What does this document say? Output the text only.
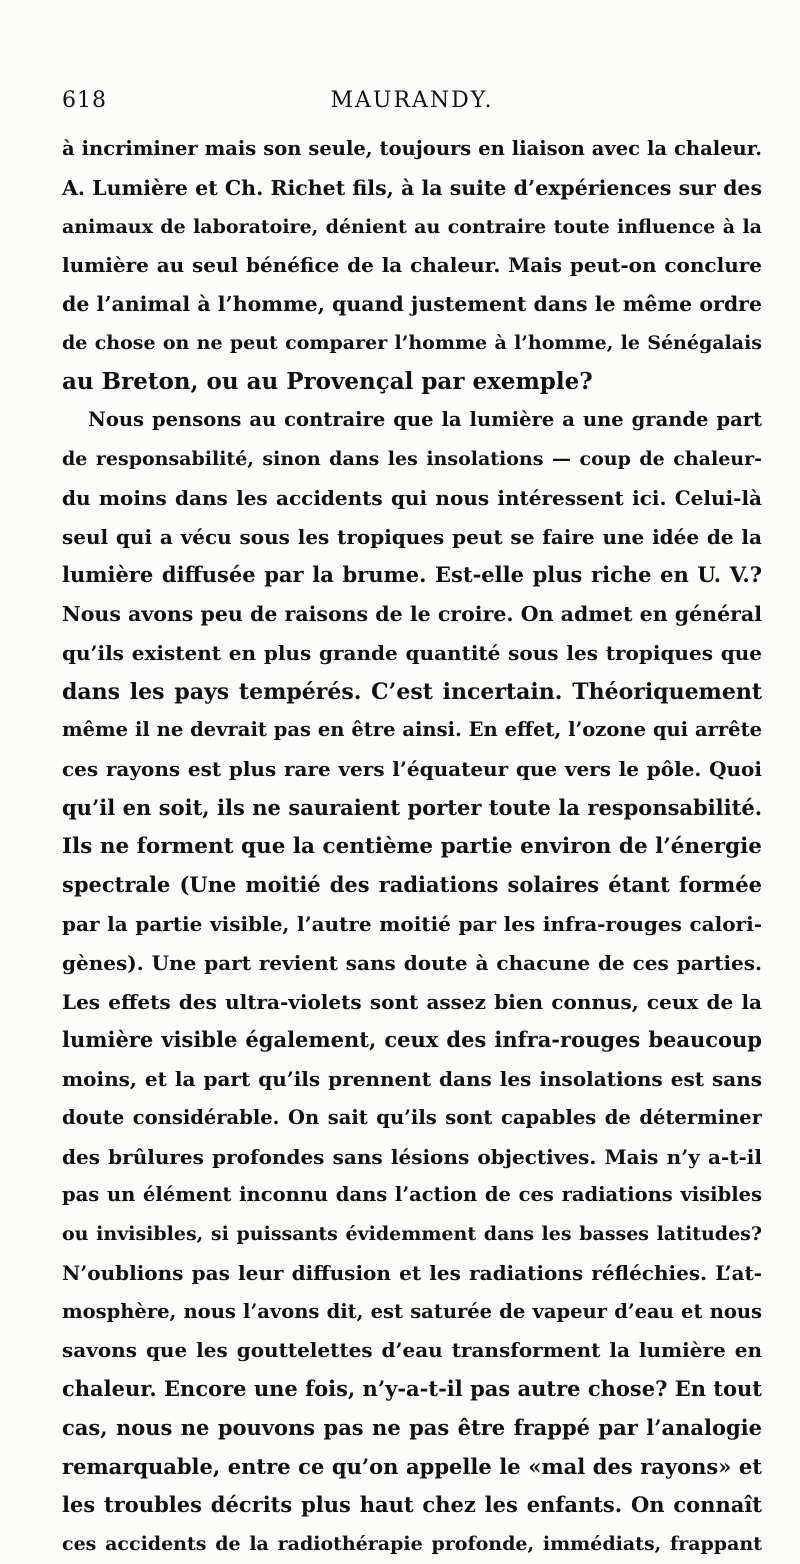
618	MAURANDY.
à incriminer mais son seule, toujours en liaison avec la chaleur.
A. Lumière et Ch. Richet fils, à la suite d’expériences sur des
animaux de laboratoire, dénient au contraire toute influence à la
lumière au seul bénéfice de la chaleur. Mais peut-on conclure
de l’animal à l’homme, quand justement dans le même ordre
de chose on ne peut comparer l’homme à l’homme, le Sénégalais
au Breton, ou au Provençal par exemple?
Nous pensons au contraire que la lumière a une grande part
de responsabilité, sinon dans les insolations — coup de chaleur-
du moins dans les accidents qui nous intéressent ici. Celui-là
seul qui a vécu sous les tropiques peut se faire une idée de la
lumière diffusée par la brume. Est-elle plus riche en U. V.?
Nous avons peu de raisons de le croire. On admet en général
qu’ils existent en plus grande quantité sous les tropiques que
dans les pays tempérés. C’est incertain. Théoriquement
même il ne devrait pas en être ainsi. En effet, l’ozone qui arrête
ces rayons est plus rare vers l’équateur que vers le pôle. Quoi
qu’il en soit, ils ne sauraient porter toute la responsabilité.
Ils ne forment que la centième partie environ de l’énergie
spectrale (Une moitié des radiations solaires étant formée
par la partie visible, l’autre moitié par les infra-rouges calori-
gènes). Une part revient sans doute à chacune de ces parties.
Les effets des ultra-violets sont assez bien connus, ceux de la
lumière visible également, ceux des infra-rouges beaucoup
moins, et la part qu’ils prennent dans les insolations est sans
doute considérable. On sait qu’ils sont capables de déterminer
des brûlures profondes sans lésions objectives. Mais n’y a-t-il
pas un élément inconnu dans l’action de ces radiations visibles
ou invisibles, si puissants évidemment dans les basses latitudes?
N’oublions pas leur diffusion et les radiations réfléchies. L’at-
mosphère, nous l’avons dit, est saturée de vapeur d’eau et nous
savons que les gouttelettes d’eau transforment la lumière en
chaleur. Encore une fois, n’y-a-t-il pas autre chose? En tout
cas, nous ne pouvons pas ne pas être frappé par l’analogie
remarquable, entre ce qu’on appelle le «mal des rayons» et
les troubles décrits plus haut chez les enfants. On connaît
ces accidents de la radiothérapie profonde, immédiats, frappant
